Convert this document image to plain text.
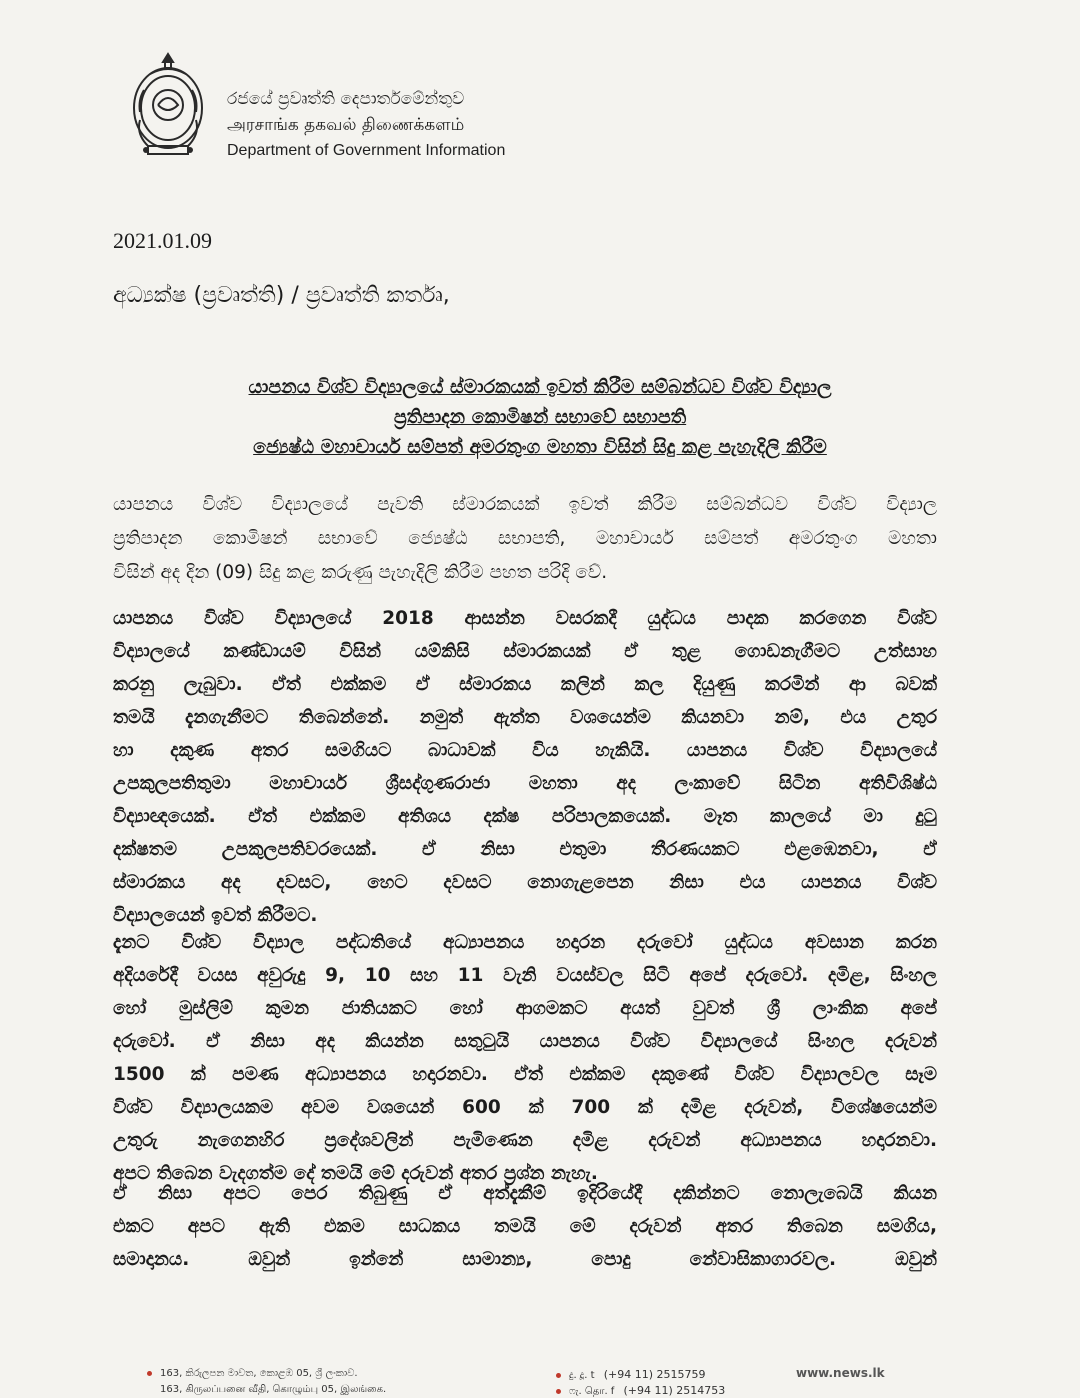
රජයේ ප්‍රවෘත්ති දෙපාර්තමේන්තුව
அரசாங்க தகவல் திணைக்களம்
Department of Government Information
2021.01.09
අධ්‍යක්ෂ (ප්‍රවෘත්ති) / ප්‍රවෘත්ති කර්තෘ,
යාපනය විශ්ව විද්‍යාලයේ ස්මාරකයක් ඉවත් කිරීම සම්බන්ධව විශ්ව විද්‍යාල
ප්‍රතිපාදන කොමිෂන් සභාවේ සභාපති
ජ්‍යෙෂ්ඨ මහාචාර්ය සම්පත් අමරතුංග මහතා විසින් සිදු කළ පැහැදිලි කිරීම
යාපනය විශ්ව විද්‍යාලයේ පැවති ස්මාරකයක් ඉවත් කිරීම සම්බන්ධව විශ්ව විද්‍යාල
ප්‍රතිපාදන කොමිෂන් සභාවේ ජ්‍යෙෂ්ඨ සභාපති, මහාචාර්ය සම්පත් අමරතුංග මහතා
විසින් අද දින (09) සිදු කළ කරුණු පැහැදිලි කිරීම පහත පරිදි වේ.
යාපනය විශ්ව විද්‍යාලයේ 2018 ආසන්න වසරකදී යුද්ධය පාදක කරගෙන විශ්ව
විද්‍යාලයේ කණ්ඩායම් විසින් යම්කිසි ස්මාරකයක් ඒ තුළ ගොඩනැගීමට උත්සාහ
කරනු ලැබුවා. ඒත් එක්කම ඒ ස්මාරකය කලින් කල දියුණු කරමින් ආ බවක්
තමයි දැනගැනීමට තිබෙන්නේ. නමුත් ඇත්ත වශයෙන්ම කියනවා නම්, එය උතුර
හා දකුණ අතර සමගියට බාධාවක් විය හැකියි. යාපනය විශ්ව විද්‍යාලයේ
උපකුලපතිතුමා මහාචාර්ය ශ්‍රීසද්ගුණරාජා මහතා අද ලංකාවේ සිටින අතිවිශිෂ්ඨ
විද්‍යාඥයෙක්. ඒත් එක්කම අතිශය දක්ෂ පරිපාලකයෙක්. මෑත කාලයේ මා දුටු
දක්ෂතම උපකුලපතිවරයෙක්. ඒ නිසා එතුමා තීරණයකට එළඹෙනවා, ඒ
ස්මාරකය අද දවසට, හෙට දවසට නොගැළපෙන නිසා එය යාපනය විශ්ව
විද්‍යාලයෙන් ඉවත් කිරීමට.
දැනට විශ්ව විද්‍යාල පද්ධතියේ අධ්‍යාපනය හදාරන දරුවෝ යුද්ධය අවසාන කරන
අදියරේදී වයස අවුරුදු 9, 10 සහ 11 වැනි වයස්වල සිටි අපේ දරුවෝ. දමිළ, සිංහල
හෝ මුස්ලිම් කුමන ජාතියකට හෝ ආගමකට අයත් වුවත් ශ්‍රී ලාංකික අපේ
දරුවෝ. ඒ නිසා අද කියන්න සතුටුයි යාපනය විශ්ව විද්‍යාලයේ සිංහල දරුවන්
1500 ක් පමණ අධ්‍යාපනය හදාරනවා. ඒත් එක්කම දකුණේ විශ්ව විද්‍යාලවල සෑම
විශ්ව විද්‍යාලයකම අවම වශයෙන් 600 ක් 700 ක් දමිළ දරුවන්, විශේෂයෙන්ම
උතුරු නැගෙනහිර ප්‍රදේශවලින් පැමිණෙන දමිළ දරුවන් අධ්‍යාපනය හදාරනවා.
අපට තිබෙන වැදගත්ම දේ තමයි මේ දරුවන් අතර ප්‍රශ්න නැහැ.
ඒ නිසා අපට පෙර තිබුණු ඒ අත්දැකීම් ඉදිරියේදී දකින්නට නොලැබෙයි කියන
එකට අපට ඇති එකම සාධකය තමයි මේ දරුවන් අතර තිබෙන සමගිය,
සමාදානය. ඔවුන් ඉන්නේ සාමාන්‍ය, පොදු නේවාසිකාගාරවල. ඔවුන්
163, කිරුලපන මාවත, කොළඹ 05, ශ්‍රී ලංකාව.
163, கிருலப்பனை வீதி, கொழும்பு 05, இலங்கை.
දු. දූ. t (+94 11) 2515759
ෆැ. தொ. f (+94 11) 2514753
www.news.lk
